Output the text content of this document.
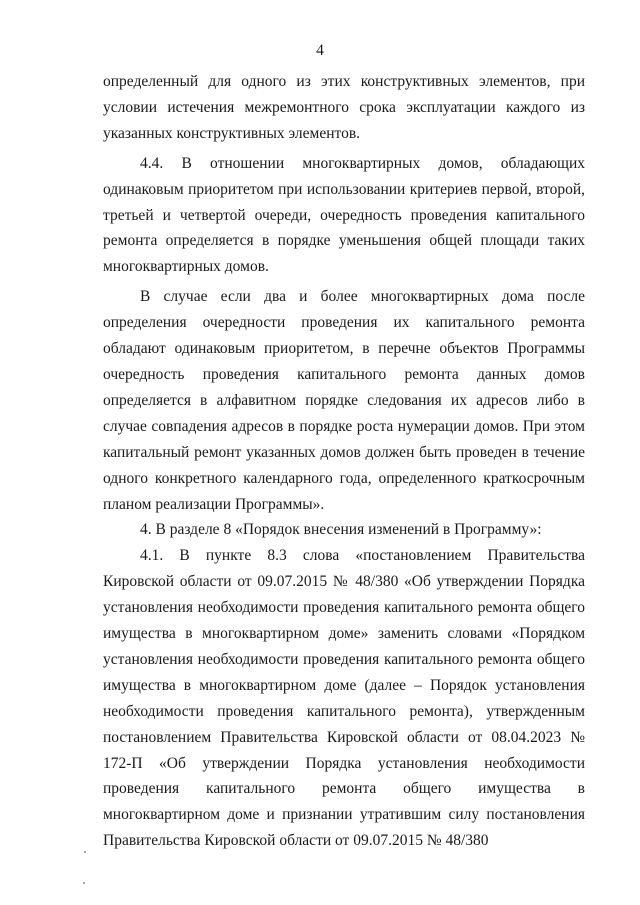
4

определенный для одного из этих конструктивных элементов, при условии истечения межремонтного срока эксплуатации каждого из указанных конструктивных элементов.

4.4. В отношении многоквартирных домов, обладающих одинаковым приоритетом при использовании критериев первой, второй, третьей и четвертой очереди, очередность проведения капитального ремонта определяется в порядке уменьшения общей площади таких многоквартирных домов.

В случае если два и более многоквартирных дома после определения очередности проведения их капитального ремонта обладают одинаковым приоритетом, в перечне объектов Программы очередность проведения капитального ремонта данных домов определяется в алфавитном порядке следования их адресов либо в случае совпадения адресов в порядке роста нумерации домов. При этом капитальный ремонт указанных домов должен быть проведен в течение одного конкретного календарного года, определенного краткосрочным планом реализации Программы».

4. В разделе 8 «Порядок внесения изменений в Программу»:

4.1. В пункте 8.3 слова «постановлением Правительства Кировской области от 09.07.2015 № 48/380 «Об утверждении Порядка установления необходимости проведения капитального ремонта общего имущества в многоквартирном доме» заменить словами «Порядком установления необходимости проведения капитального ремонта общего имущества в многоквартирном доме (далее – Порядок установления необходимости проведения капитального ремонта), утвержденным постановлением Правительства Кировской области от 08.04.2023 № 172-П «Об утверждении Порядка установления необходимости проведения капитального ремонта общего имущества в многоквартирном доме и признании утратившим силу постановления Правительства Кировской области от 09.07.2015 № 48/380
